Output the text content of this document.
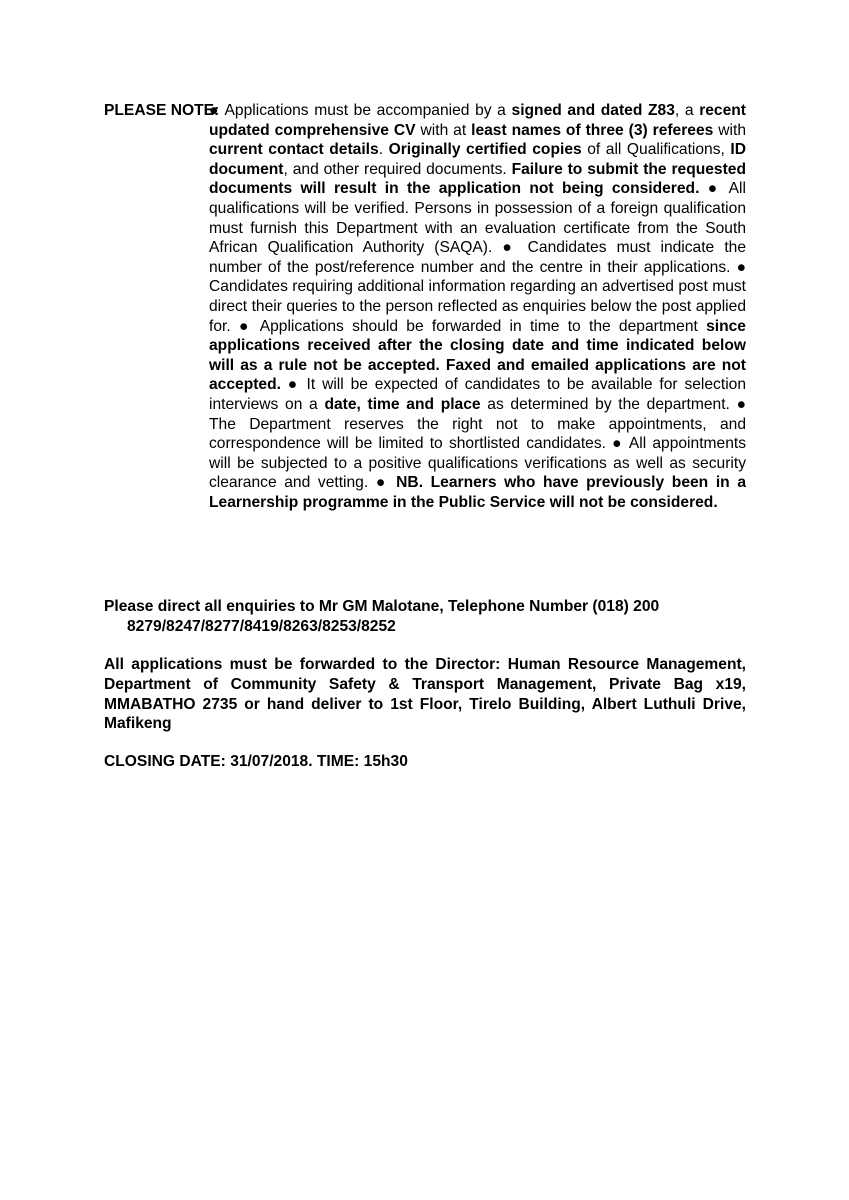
PLEASE NOTE:
● Applications must be accompanied by a signed and dated Z83, a recent updated comprehensive CV with at least names of three (3) referees with current contact details. Originally certified copies of all Qualifications, ID document, and other required documents. Failure to submit the requested documents will result in the application not being considered. ● All qualifications will be verified. Persons in possession of a foreign qualification must furnish this Department with an evaluation certificate from the South African Qualification Authority (SAQA). ● Candidates must indicate the number of the post/reference number and the centre in their applications. ● Candidates requiring additional information regarding an advertised post must direct their queries to the person reflected as enquiries below the post applied for. ● Applications should be forwarded in time to the department since applications received after the closing date and time indicated below will as a rule not be accepted. Faxed and emailed applications are not accepted. ● It will be expected of candidates to be available for selection interviews on a date, time and place as determined by the department. ● The Department reserves the right not to make appointments, and correspondence will be limited to shortlisted candidates. ● All appointments will be subjected to a positive qualifications verifications as well as security clearance and vetting. ● NB. Learners who have previously been in a Learnership programme in the Public Service will not be considered.
Please direct all enquiries to Mr GM Malotane, Telephone Number (018) 200
8279/8247/8277/8419/8263/8253/8252
All applications must be forwarded to the Director: Human Resource Management, Department of Community Safety & Transport Management, Private Bag x19, MMABATHO 2735 or hand deliver to 1st Floor, Tirelo Building, Albert Luthuli Drive, Mafikeng
CLOSING DATE: 31/07/2018. TIME: 15h30
